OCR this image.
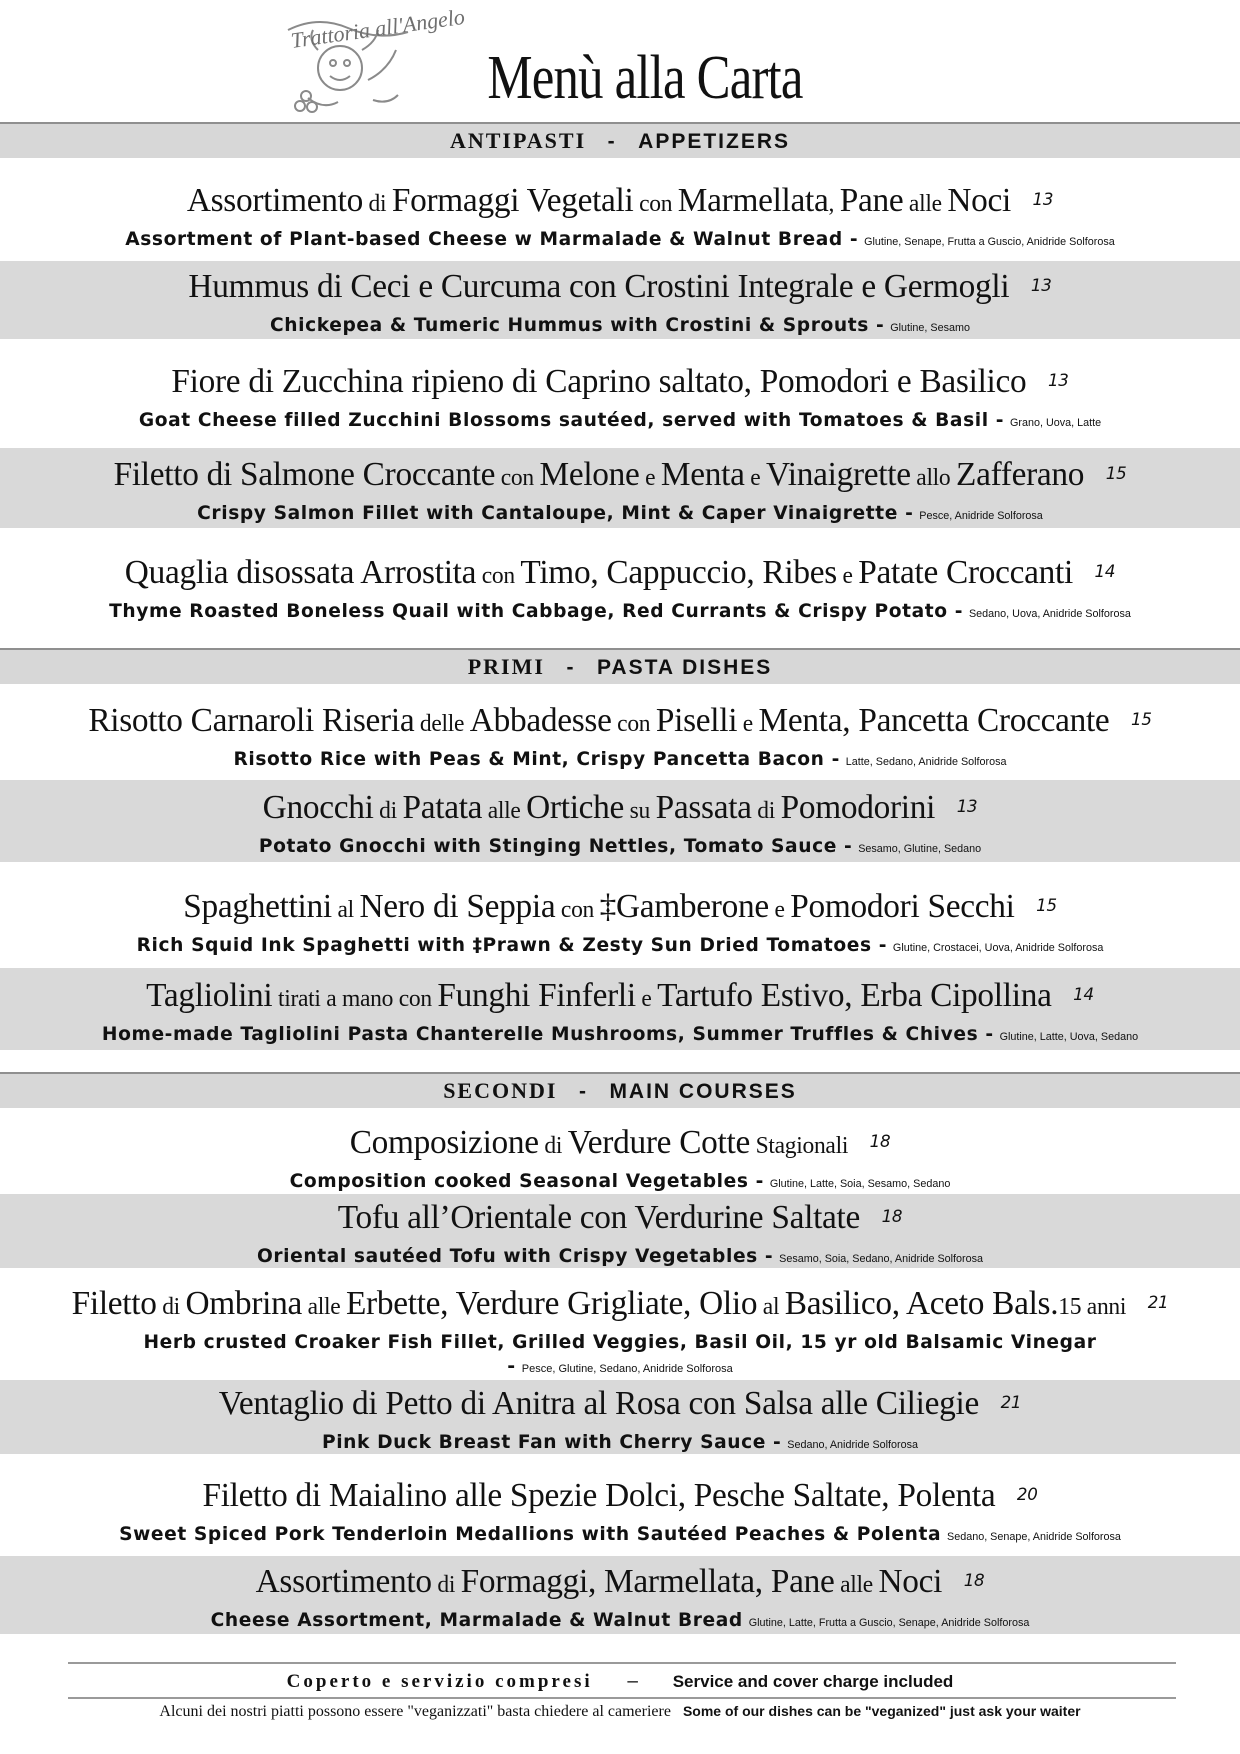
Trattoria all'Angelo
Menù alla Carta
ANTIPASTI - APPETIZERS
Assortimento di Formaggi Vegetali con Marmellata, Pane alle Noci 13
Assortment of Plant-based Cheese w Marmalade & Walnut Bread - Glutine, Senape, Frutta a Guscio, Anidride Solforosa
Hummus di Ceci e Curcuma con Crostini Integrale e Germogli 13
Chickepea & Tumeric Hummus with Crostini & Sprouts - Glutine, Sesamo
Fiore di Zucchina ripieno di Caprino saltato, Pomodori e Basilico 13
Goat Cheese filled Zucchini Blossoms sautéed, served with Tomatoes & Basil - Grano, Uova, Latte
Filetto di Salmone Croccante con Melone e Menta e Vinaigrette allo Zafferano 15
Crispy Salmon Fillet with Cantaloupe, Mint & Caper Vinaigrette - Pesce, Anidride Solforosa
Quaglia disossata Arrostita con Timo, Cappuccio, Ribes e Patate Croccanti 14
Thyme Roasted Boneless Quail with Cabbage, Red Currants & Crispy Potato - Sedano, Uova, Anidride Solforosa
PRIMI - PASTA DISHES
Risotto Carnaroli Riseria delle Abbadesse con Piselli e Menta, Pancetta Croccante 15
Risotto Rice with Peas & Mint, Crispy Pancetta Bacon - Latte, Sedano, Anidride Solforosa
Gnocchi di Patata alle Ortiche su Passata di Pomodorini 13
Potato Gnocchi with Stinging Nettles, Tomato Sauce - Sesamo, Glutine, Sedano
Spaghettini al Nero di Seppia con ‡Gamberone e Pomodori Secchi 15
Rich Squid Ink Spaghetti with ‡Prawn & Zesty Sun Dried Tomatoes - Glutine, Crostacei, Uova, Anidride Solforosa
Tagliolini tirati a mano con Funghi Finferli e Tartufo Estivo, Erba Cipollina 14
Home-made Tagliolini Pasta Chanterelle Mushrooms, Summer Truffles & Chives - Glutine, Latte, Uova, Sedano
SECONDI - MAIN COURSES
Composizione di Verdure Cotte Stagionali 18
Composition cooked Seasonal Vegetables - Glutine, Latte, Soia, Sesamo, Sedano
Tofu all’Orientale con Verdurine Saltate 18
Oriental sautéed Tofu with Crispy Vegetables - Sesamo, Soia, Sedano, Anidride Solforosa
Filetto di Ombrina alle Erbette, Verdure Grigliate, Olio al Basilico, Aceto Bals.15 anni 21
Herb crusted Croaker Fish Fillet, Grilled Veggies, Basil Oil, 15 yr old Balsamic Vinegar
- Pesce, Glutine, Sedano, Anidride Solforosa
Ventaglio di Petto di Anitra al Rosa con Salsa alle Ciliegie 21
Pink Duck Breast Fan with Cherry Sauce - Sedano, Anidride Solforosa
Filetto di Maialino alle Spezie Dolci, Pesche Saltate, Polenta 20
Sweet Spiced Pork Tenderloin Medallions with Sautéed Peaches & Polenta Sedano, Senape, Anidride Solforosa
Assortimento di Formaggi, Marmellata, Pane alle Noci 18
Cheese Assortment, Marmalade & Walnut Bread Glutine, Latte, Frutta a Guscio, Senape, Anidride Solforosa
Coperto e servizio compresi – Service and cover charge included
Alcuni dei nostri piatti possono essere "veganizzati" basta chiedere al cameriere Some of our dishes can be "veganized" just ask your waiter
